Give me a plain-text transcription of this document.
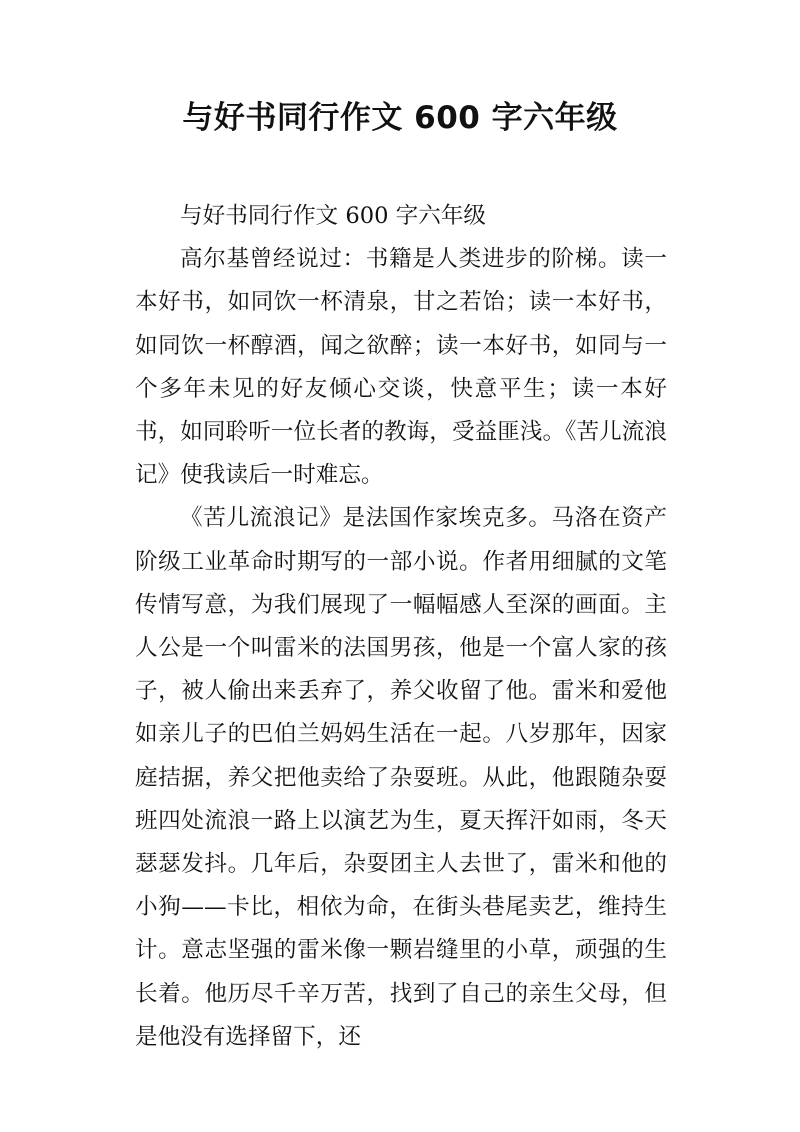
与好书同行作文 600 字六年级

与好书同行作文 600 字六年级

高尔基曾经说过：书籍是人类进步的阶梯。读一本好书，如同饮一杯清泉，甘之若饴；读一本好书，如同饮一杯醇酒，闻之欲醉；读一本好书，如同与一个多年未见的好友倾心交谈，快意平生；读一本好书，如同聆听一位长者的教诲，受益匪浅。《苦儿流浪记》使我读后一时难忘。

《苦儿流浪记》是法国作家埃克多。马洛在资产阶级工业革命时期写的一部小说。作者用细腻的文笔传情写意，为我们展现了一幅幅感人至深的画面。主人公是一个叫雷米的法国男孩，他是一个富人家的孩子，被人偷出来丢弃了，养父收留了他。雷米和爱他如亲儿子的巴伯兰妈妈生活在一起。八岁那年，因家庭拮据，养父把他卖给了杂耍班。从此，他跟随杂耍班四处流浪一路上以演艺为生，夏天挥汗如雨，冬天瑟瑟发抖。几年后，杂耍团主人去世了，雷米和他的小狗——卡比，相依为命，在街头巷尾卖艺，维持生计。意志坚强的雷米像一颗岩缝里的小草，顽强的生长着。他历尽千辛万苦，找到了自己的亲生父母，但是他没有选择留下，还
